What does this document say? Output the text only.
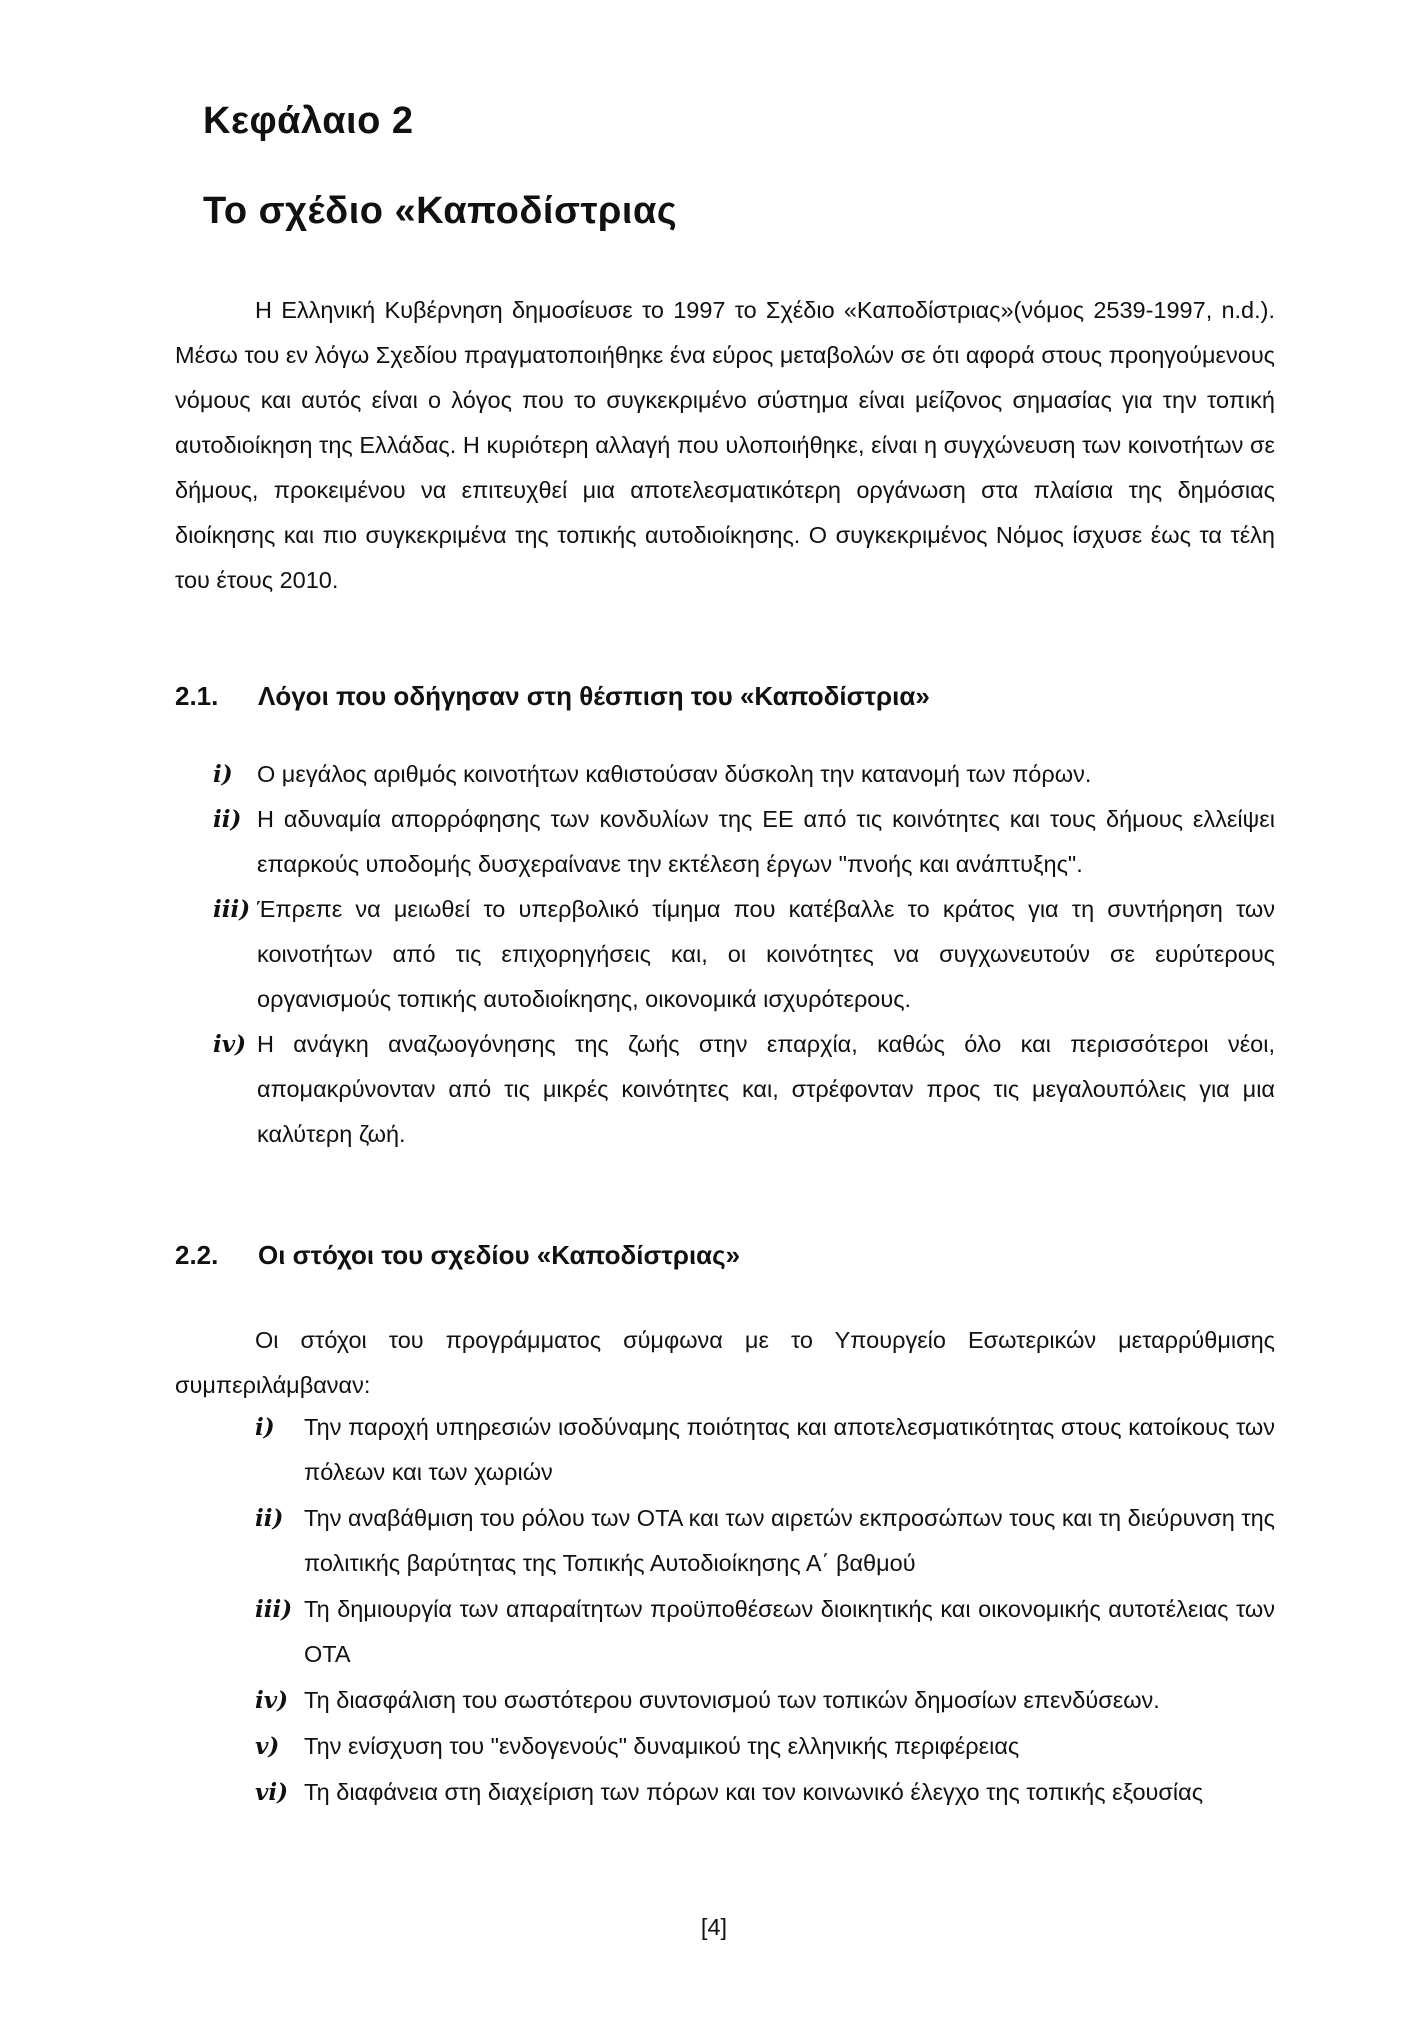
Κεφάλαιο 2
Το σχέδιο «Καποδίστριας

Η Ελληνική Κυβέρνηση δημοσίευσε το 1997 το Σχέδιο «Καποδίστριας»(νόμος 2539-1997, n.d.). Μέσω του εν λόγω Σχεδίου πραγματοποιήθηκε ένα εύρος μεταβολών σε ότι αφορά στους προηγούμενους νόμους και αυτός είναι ο λόγος που το συγκεκριμένο σύστημα είναι μείζονος σημασίας για την τοπική αυτοδιοίκηση της Ελλάδας. Η κυριότερη αλλαγή που υλοποιήθηκε, είναι η συγχώνευση των κοινοτήτων σε δήμους, προκειμένου να επιτευχθεί μια αποτελεσματικότερη οργάνωση στα πλαίσια της δημόσιας διοίκησης και πιο συγκεκριμένα της τοπικής αυτοδιοίκησης. Ο συγκεκριμένος Νόμος ίσχυσε έως τα τέλη του έτους 2010.

2.1. Λόγοι που οδήγησαν στη θέσπιση του «Καποδίστρια»
i) Ο μεγάλος αριθμός κοινοτήτων καθιστούσαν δύσκολη την κατανομή των πόρων.
ii) Η αδυναμία απορρόφησης των κονδυλίων της ΕΕ από τις κοινότητες και τους δήμους ελλείψει επαρκούς υποδομής δυσχεραίνανε την εκτέλεση έργων "πνοής και ανάπτυξης".
iii) Έπρεπε να μειωθεί το υπερβολικό τίμημα που κατέβαλλε το κράτος για τη συντήρηση των κοινοτήτων από τις επιχορηγήσεις και, οι κοινότητες να συγχωνευτούν σε ευρύτερους οργανισμούς τοπικής αυτοδιοίκησης, οικονομικά ισχυρότερους.
iv) Η ανάγκη αναζωογόνησης της ζωής στην επαρχία, καθώς όλο και περισσότεροι νέοι, απομακρύνονταν από τις μικρές κοινότητες και, στρέφονταν προς τις μεγαλουπόλεις για μια καλύτερη ζωή.
2.2. Οι στόχοι του σχεδίου «Καποδίστριας»

Οι στόχοι του προγράμματος σύμφωνα με το Υπουργείο Εσωτερικών μεταρρύθμισης συμπεριλάμβαναν:

i) Την παροχή υπηρεσιών ισοδύναμης ποιότητας και αποτελεσματικότητας στους κατοίκους των πόλεων και των χωριών
ii) Την αναβάθμιση του ρόλου των ΟΤΑ και των αιρετών εκπροσώπων τους και τη διεύρυνση της πολιτικής βαρύτητας της Τοπικής Αυτοδιοίκησης Α΄ βαθμού
iii) Τη δημιουργία των απαραίτητων προϋποθέσεων διοικητικής και οικονομικής αυτοτέλειας των ΟΤΑ
iv) Τη διασφάλιση του σωστότερου συντονισμού των τοπικών δημοσίων επενδύσεων.
v) Την ενίσχυση του "ενδογενούς" δυναμικού της ελληνικής περιφέρειας
vi) Τη διαφάνεια στη διαχείριση των πόρων και τον κοινωνικό έλεγχο της τοπικής εξουσίας
[4]
